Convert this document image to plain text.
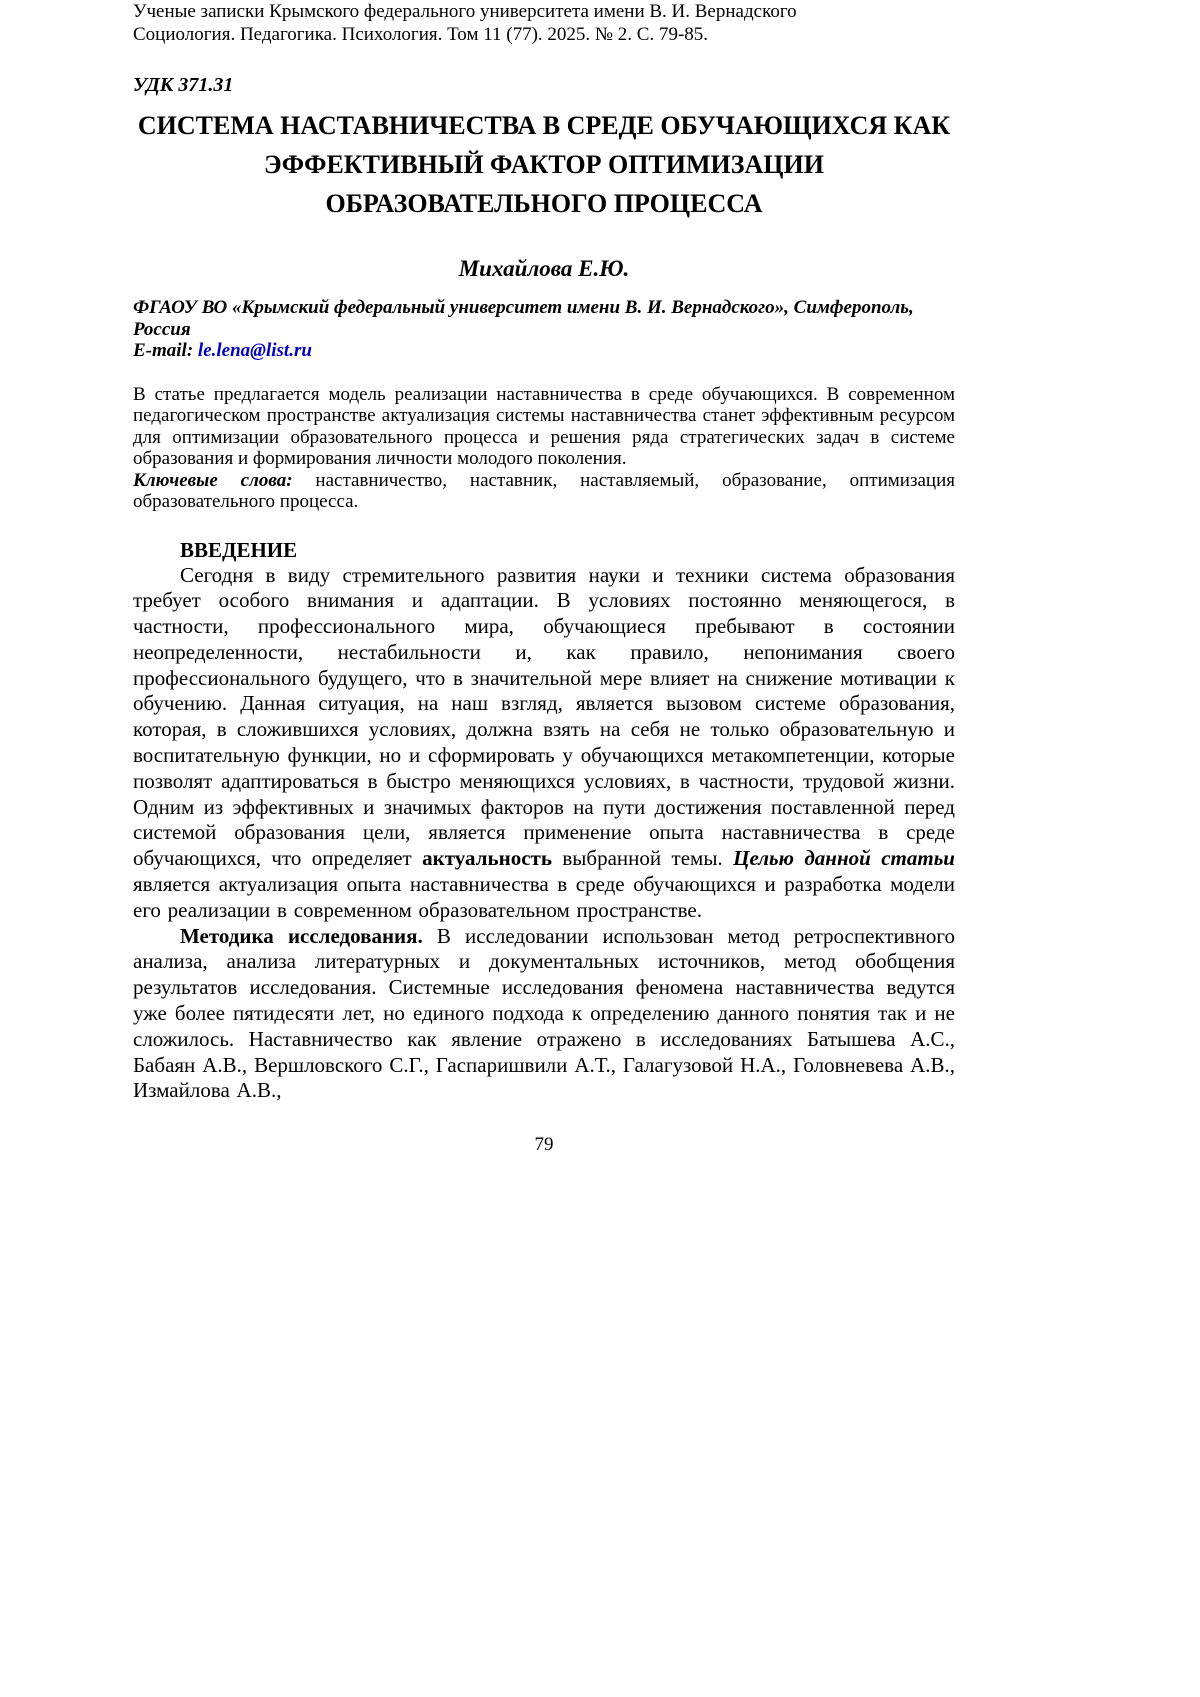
Ученые записки Крымского федерального университета имени В. И. Вернадского

Социология. Педагогика. Психология. Том 11 (77). 2025. № 2. С. 79-85.

УДК 371.31

СИСТЕМА НАСТАВНИЧЕСТВА В СРЕДЕ ОБУЧАЮЩИХСЯ КАК ЭФФЕКТИВНЫЙ ФАКТОР ОПТИМИЗАЦИИ ОБРАЗОВАТЕЛЬНОГО ПРОЦЕССА

Михайлова Е.Ю.

ФГАОУ ВО «Крымский федеральный университет имени В. И. Вернадского», Симферополь, Россия

E-mail: le.lena@list.ru

В статье предлагается модель реализации наставничества в среде обучающихся. В современном педагогическом пространстве актуализация системы наставничества станет эффективным ресурсом для оптимизации образовательного процесса и решения ряда стратегических задач в системе образования и формирования личности молодого поколения.

Ключевые слова: наставничество, наставник, наставляемый, образование, оптимизация образовательного процесса.

ВВЕДЕНИЕ

Сегодня в виду стремительного развития науки и техники система образования требует особого внимания и адаптации. В условиях постоянно меняющегося, в частности, профессионального мира, обучающиеся пребывают в состоянии неопределенности, нестабильности и, как правило, непонимания своего профессионального будущего, что в значительной мере влияет на снижение мотивации к обучению. Данная ситуация, на наш взгляд, является вызовом системе образования, которая, в сложившихся условиях, должна взять на себя не только образовательную и воспитательную функции, но и сформировать у обучающихся метакомпетенции, которые позволят адаптироваться в быстро меняющихся условиях, в частности, трудовой жизни. Одним из эффективных и значимых факторов на пути достижения поставленной перед системой образования цели, является применение опыта наставничества в среде обучающихся, что определяет актуальность выбранной темы. Целью данной статьи является актуализация опыта наставничества в среде обучающихся и разработка модели его реализации в современном образовательном пространстве.

Методика исследования. В исследовании использован метод ретроспективного анализа, анализа литературных и документальных источников, метод обобщения результатов исследования. Системные исследования феномена наставничества ведутся уже более пятидесяти лет, но единого подхода к определению данного понятия так и не сложилось. Наставничество как явление отражено в исследованиях Батышева А.С., Бабаян А.В., Вершловского С.Г., Гаспаришвили А.Т., Галагузовой Н.А., Головневева А.В., Измайлова А.В.,

79
